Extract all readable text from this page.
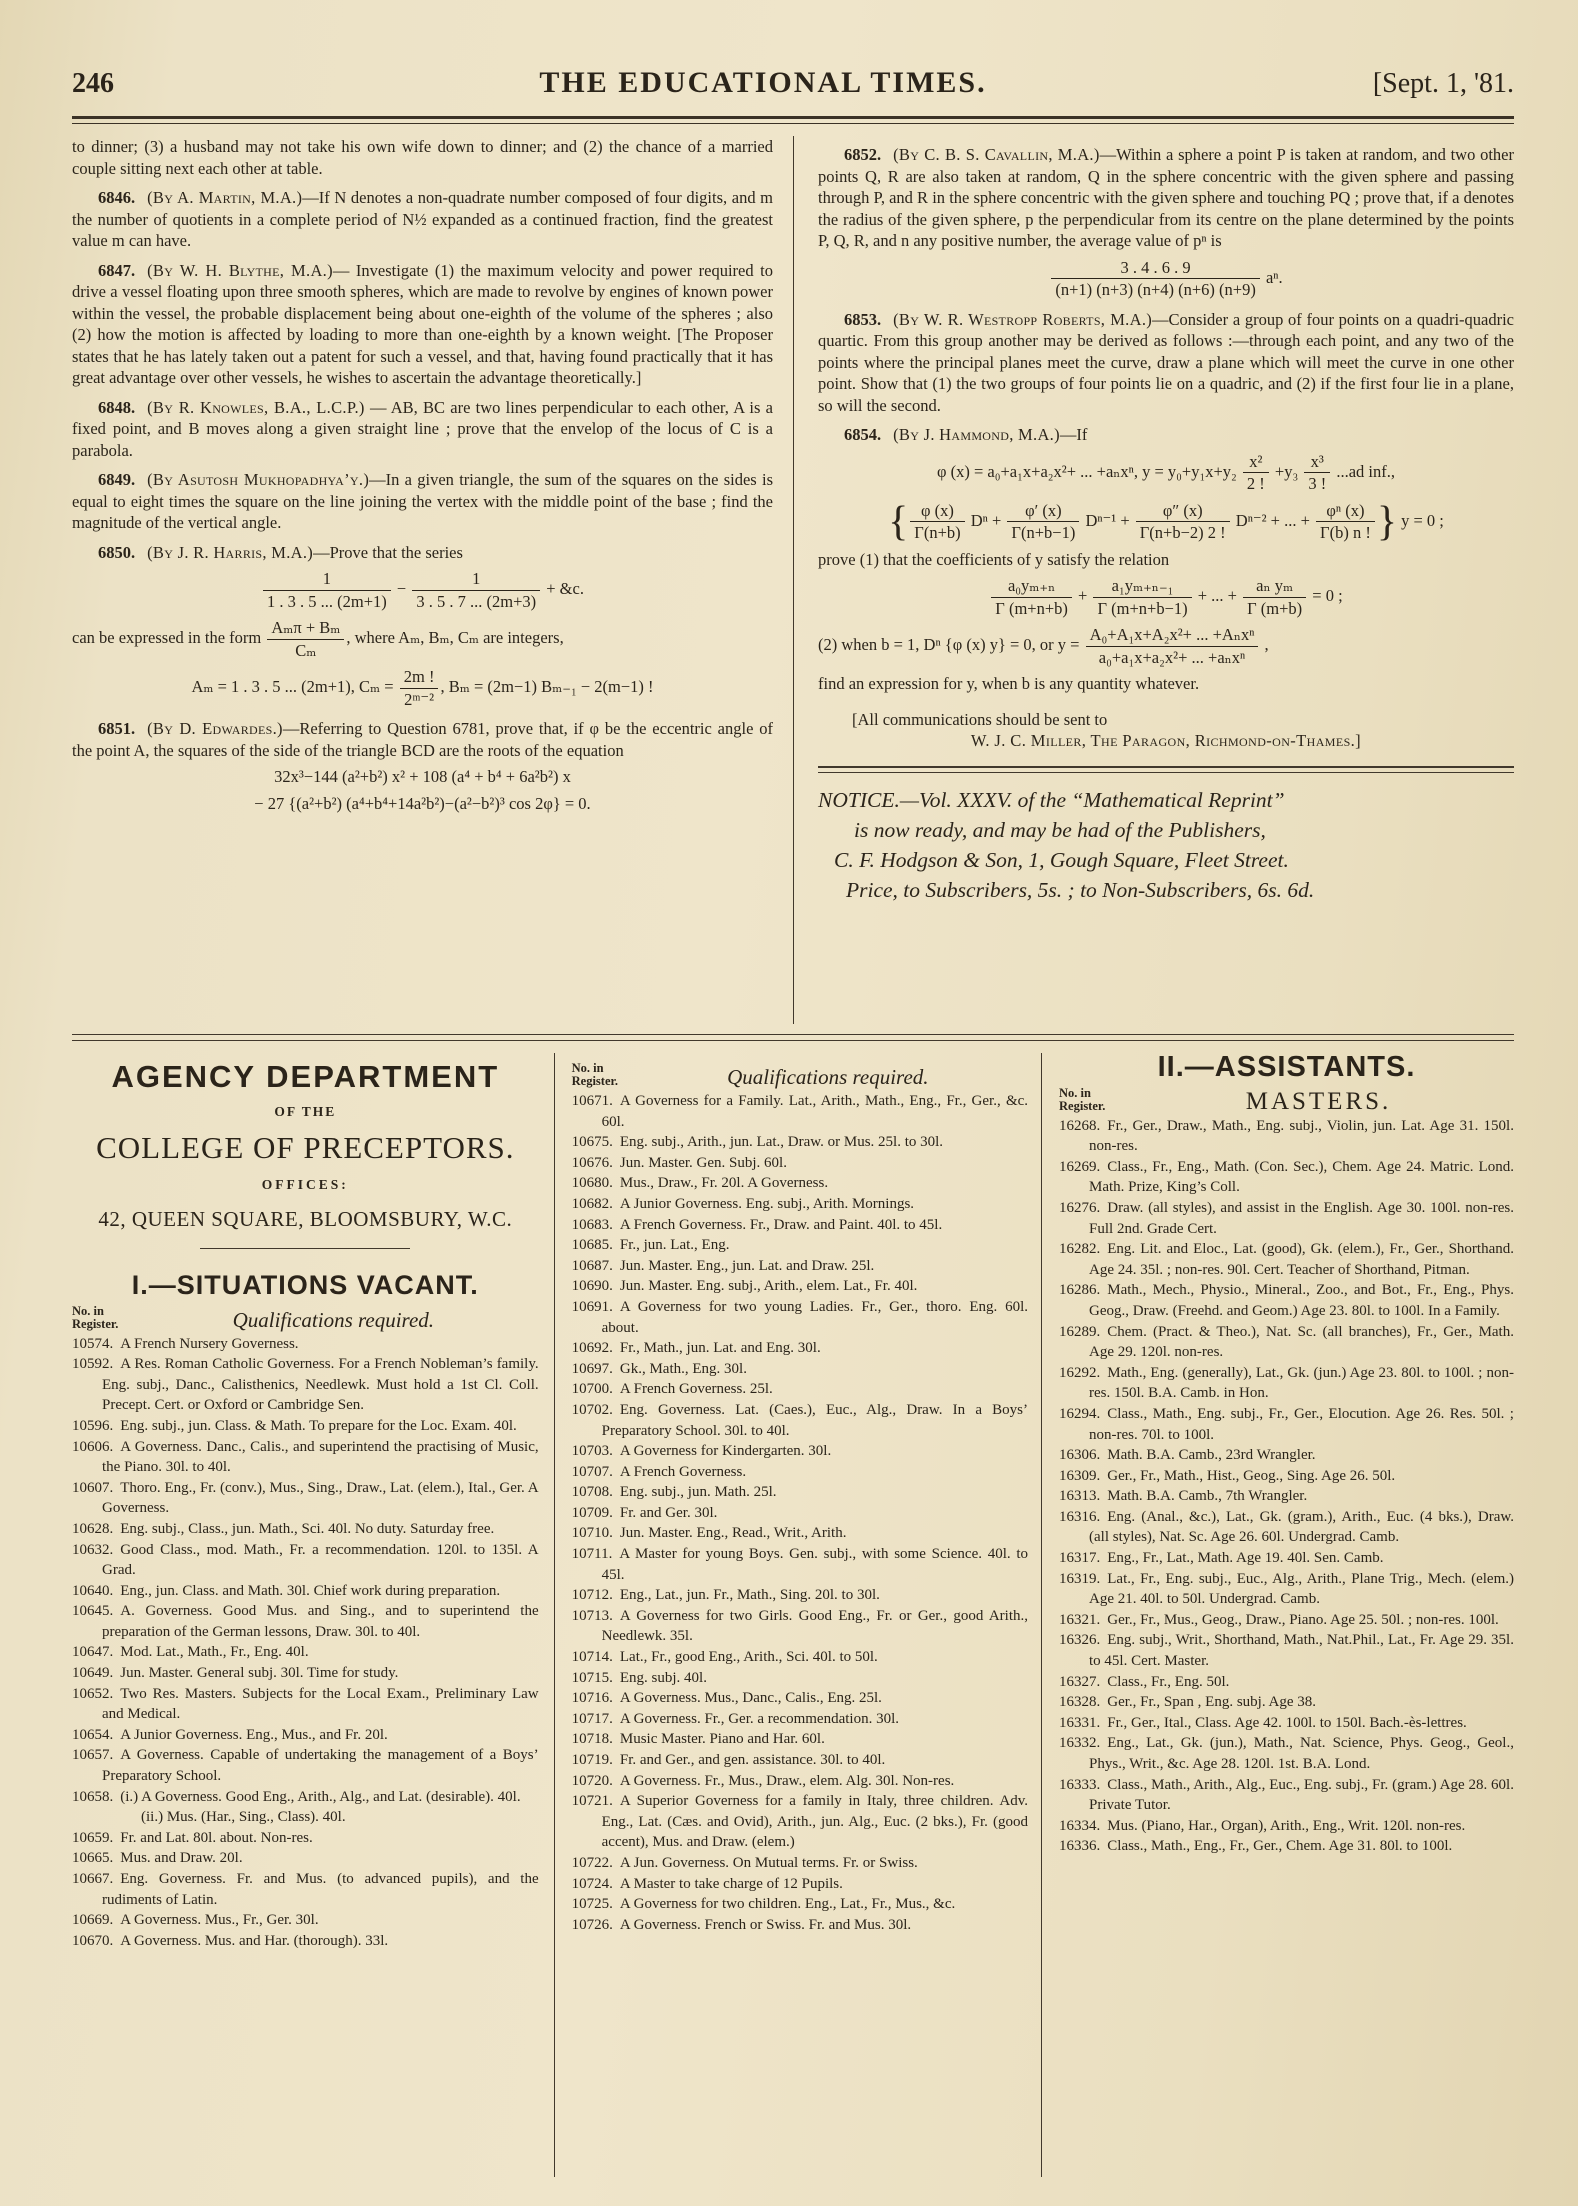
246	THE EDUCATIONAL TIMES.	[Sept. 1, '81.

to dinner; (3) a husband may not take his own wife down to dinner; and (2) the chance of a married couple sitting next each other at table.

6846. (By A. Martin, M.A.)—If N denotes a non-quadrate number composed of four digits, and m the number of quotients in a complete period of N½ expanded as a continued fraction, find the greatest value m can have.

6847. (By W. H. Blythe, M.A.)— Investigate (1) the maximum velocity and power required to drive a vessel floating upon three smooth spheres, which are made to revolve by engines of known power within the vessel, the probable displacement being about one-eighth of the volume of the spheres ; also (2) how the motion is affected by loading to more than one-eighth by a known weight. [The Proposer states that he has lately taken out a patent for such a vessel, and that, having found practically that it has great advantage over other vessels, he wishes to ascertain the advantage theoretically.]

6848. (By R. Knowles, B.A., L.C.P.) — AB, BC are two lines perpendicular to each other, A is a fixed point, and B moves along a given straight line ; prove that the envelop of the locus of C is a parabola.

6849. (By Asutosh Mukhopadhya’y.)—In a given triangle, the sum of the squares on the sides is equal to eight times the square on the line joining the vertex with the middle point of the base ; find the magnitude of the vertical angle.

6850. (By J. R. Harris, M.A.)—Prove that the series

$\frac{1}{1 . 3 . 5 ... (2m+1)} - \frac{1}{3 . 5 . 7 ... (2m+3)}$ + &c.
can be expressed in the form $\frac{\text{Aₘπ + Bₘ}}{\text{Cₘ}}$ , where Aₘ, Bₘ, Cₘ are integers,
Aₘ = 1 . 3 . 5 ... (2m+1), $C_m = \frac{2m !}{\text{2ᵐ⁻²}}$ , Bₘ = (2m−1) Bₘ₋₁ − 2(m−1) !

6851. (By D. Edwardes.)—Referring to Question 6781, prove that, if φ be the eccentric angle of the point A, the squares of the side of the triangle BCD are the roots of the equation

32x³−144 (a²+b²) x² + 108 (a⁴ + b⁴ + 6a²b²) x
− 27 {(a²+b²) (a⁴+b⁴+14a²b²)−(a²−b²)³ cos 2φ} = 0.

6852. (By C. B. S. Cavallin, M.A.)—Within a sphere a point P is taken at random, and two other points Q, R are also taken at random, Q in the sphere concentric with the given sphere and passing through P, and R in the sphere concentric with the given sphere and touching PQ ; prove that, if a denotes the radius of the given sphere, p the perpendicular from its centre on the plane determined by the points P, Q, R, and n any positive number, the average value of pⁿ is

$\frac{3 . 4 . 6 . 9}{(n+1) (n+3) (n+4) (n+6) (n+9)} a^n$.

6853. (By W. R. Westropp Roberts, M.A.)—Consider a group of four points on a quadri-quadric quartic. From this group another may be derived as follows :—through each point, and any two of the points where the principal planes meet the curve, draw a plane which will meet the curve in one other point. Show that (1) the two groups of four points lie on a quadric, and (2) if the first four lie in a plane, so will the second.

6854. (By J. Hammond, M.A.)—If

φ (x) = a₀+a₁x+a₂x²+ ... +aₙxⁿ, $y = y_0+y_1x+y_2 \frac{\text{x²}}{2 !} +y_3 \frac{\text{x³}}{3 !} ...ad$ inf.,
{ $\frac{\varphi (x)}{\Gamma(n+b)}$ $D^n + \frac{\varphi' (x)}{\Gamma(n+b-1)} D^{n-1} + \frac{\varphi'' (x)}{\Gamma(n+b-2) 2 !} D^{n-2}$ + ... + $\frac{\text{φⁿ (x)}}{\Gamma(b) n !}$ } y = 0 ;

prove (1) that the coefficients of y satisfy the relation

$\frac{\text{a₀yₘ₊ₙ}}{\Gamma (m+n+b)} + \frac{\text{a₁yₘ₊ₙ₋₁}}{\Gamma (m+n+b-1)}$ + ... + $\frac{\text{aₙ yₘ}}{\Gamma (m+b)} = 0$ ;
(2) when b = 1, Dⁿ {φ (x) y} = 0, or $y = \frac{\text{A₀+A₁x+A₂x²+ ... +Aₙxⁿ}}{\text{a₀+a₁x+a₂x²+ ... +aₙxⁿ}}$ ,

find an expression for y, when b is any quantity whatever.

[All communications should be sent to
W. J. C. Miller, The Paragon, Richmond-on-Thames.]
NOTICE.—Vol. XXXV. of the “Mathematical Reprint”
is now ready, and may be had of the Publishers,
C. F. Hodgson & Son, 1, Gough Square, Fleet Street.
Price, to Subscribers, 5s. ; to Non-Subscribers, 6s. 6d.
AGENCY DEPARTMENT
OF THE
COLLEGE OF PRECEPTORS.
OFFICES:
42, QUEEN SQUARE, BLOOMSBURY, W.C.
I.—SITUATIONS VACANT.
No. in
Register.	Qualifications required.

10574. A French Nursery Governess.

10592. A Res. Roman Catholic Governess. For a French Nobleman’s family. Eng. subj., Danc., Calisthenics, Needlewk. Must hold a 1st Cl. Coll. Precept. Cert. or Oxford or Cambridge Sen.

10596. Eng. subj., jun. Class. & Math. To prepare for the Loc. Exam. 40l.

10606. A Governess. Danc., Calis., and superintend the practising of Music, the Piano. 30l. to 40l.

10607. Thoro. Eng., Fr. (conv.), Mus., Sing., Draw., Lat. (elem.), Ital., Ger. A Governess.

10628. Eng. subj., Class., jun. Math., Sci. 40l. No duty. Saturday free.

10632. Good Class., mod. Math., Fr. a recommendation. 120l. to 135l. A Grad.

10640. Eng., jun. Class. and Math. 30l. Chief work during preparation.

10645. A. Governess. Good Mus. and Sing., and to superintend the preparation of the German lessons, Draw. 30l. to 40l.

10647. Mod. Lat., Math., Fr., Eng. 40l.

10649. Jun. Master. General subj. 30l. Time for study.

10652. Two Res. Masters. Subjects for the Local Exam., Preliminary Law and Medical.

10654. A Junior Governess. Eng., Mus., and Fr. 20l.

10657. A Governess. Capable of undertaking the management of a Boys’ Preparatory School.

10658. (i.) A Governess. Good Eng., Arith., Alg., and Lat. (desirable). 40l.

(ii.) Mus. (Har., Sing., Class). 40l.

10659. Fr. and Lat. 80l. about. Non-res.

10665. Mus. and Draw. 20l.

10667. Eng. Governess. Fr. and Mus. (to advanced pupils), and the rudiments of Latin.

10669. A Governess. Mus., Fr., Ger. 30l.

10670. A Governess. Mus. and Har. (thorough). 33l.

No. in
Register.	Qualifications required.

10671. A Governess for a Family. Lat., Arith., Math., Eng., Fr., Ger., &c. 60l.

10675. Eng. subj., Arith., jun. Lat., Draw. or Mus. 25l. to 30l.

10676. Jun. Master. Gen. Subj. 60l.

10680. Mus., Draw., Fr. 20l. A Governess.

10682. A Junior Governess. Eng. subj., Arith. Mornings.

10683. A French Governess. Fr., Draw. and Paint. 40l. to 45l.

10685. Fr., jun. Lat., Eng.

10687. Jun. Master. Eng., jun. Lat. and Draw. 25l.

10690. Jun. Master. Eng. subj., Arith., elem. Lat., Fr. 40l.

10691. A Governess for two young Ladies. Fr., Ger., thoro. Eng. 60l. about.

10692. Fr., Math., jun. Lat. and Eng. 30l.

10697. Gk., Math., Eng. 30l.

10700. A French Governess. 25l.

10702. Eng. Governess. Lat. (Caes.), Euc., Alg., Draw. In a Boys’ Preparatory School. 30l. to 40l.

10703. A Governess for Kindergarten. 30l.

10707. A French Governess.

10708. Eng. subj., jun. Math. 25l.

10709. Fr. and Ger. 30l.

10710. Jun. Master. Eng., Read., Writ., Arith.

10711. A Master for young Boys. Gen. subj., with some Science. 40l. to 45l.

10712. Eng., Lat., jun. Fr., Math., Sing. 20l. to 30l.

10713. A Governess for two Girls. Good Eng., Fr. or Ger., good Arith., Needlewk. 35l.

10714. Lat., Fr., good Eng., Arith., Sci. 40l. to 50l.

10715. Eng. subj. 40l.

10716. A Governess. Mus., Danc., Calis., Eng. 25l.

10717. A Governess. Fr., Ger. a recommendation. 30l.

10718. Music Master. Piano and Har. 60l.

10719. Fr. and Ger., and gen. assistance. 30l. to 40l.

10720. A Governess. Fr., Mus., Draw., elem. Alg. 30l. Non-res.

10721. A Superior Governess for a family in Italy, three children. Adv. Eng., Lat. (Cæs. and Ovid), Arith., jun. Alg., Euc. (2 bks.), Fr. (good accent), Mus. and Draw. (elem.)

10722. A Jun. Governess. On Mutual terms. Fr. or Swiss.

10724. A Master to take charge of 12 Pupils.

10725. A Governess for two children. Eng., Lat., Fr., Mus., &c.

10726. A Governess. French or Swiss. Fr. and Mus. 30l.

II.—ASSISTANTS.
No. in
Register.	MASTERS.

16268. Fr., Ger., Draw., Math., Eng. subj., Violin, jun. Lat. Age 31. 150l. non-res.

16269. Class., Fr., Eng., Math. (Con. Sec.), Chem. Age 24. Matric. Lond. Math. Prize, King’s Coll.

16276. Draw. (all styles), and assist in the English. Age 30. 100l. non-res. Full 2nd. Grade Cert.

16282. Eng. Lit. and Eloc., Lat. (good), Gk. (elem.), Fr., Ger., Shorthand. Age 24. 35l. ; non-res. 90l. Cert. Teacher of Shorthand, Pitman.

16286. Math., Mech., Physio., Mineral., Zoo., and Bot., Fr., Eng., Phys. Geog., Draw. (Freehd. and Geom.) Age 23. 80l. to 100l. In a Family.

16289. Chem. (Pract. & Theo.), Nat. Sc. (all branches), Fr., Ger., Math. Age 29. 120l. non-res.

16292. Math., Eng. (generally), Lat., Gk. (jun.) Age 23. 80l. to 100l. ; non-res. 150l. B.A. Camb. in Hon.

16294. Class., Math., Eng. subj., Fr., Ger., Elocution. Age 26. Res. 50l. ; non-res. 70l. to 100l.

16306. Math. B.A. Camb., 23rd Wrangler.

16309. Ger., Fr., Math., Hist., Geog., Sing. Age 26. 50l.

16313. Math. B.A. Camb., 7th Wrangler.

16316. Eng. (Anal., &c.), Lat., Gk. (gram.), Arith., Euc. (4 bks.), Draw. (all styles), Nat. Sc. Age 26. 60l. Undergrad. Camb.

16317. Eng., Fr., Lat., Math. Age 19. 40l. Sen. Camb.

16319. Lat., Fr., Eng. subj., Euc., Alg., Arith., Plane Trig., Mech. (elem.) Age 21. 40l. to 50l. Undergrad. Camb.

16321. Ger., Fr., Mus., Geog., Draw., Piano. Age 25. 50l. ; non-res. 100l.

16326. Eng. subj., Writ., Shorthand, Math., Nat.Phil., Lat., Fr. Age 29. 35l. to 45l. Cert. Master.

16327. Class., Fr., Eng. 50l.

16328. Ger., Fr., Span , Eng. subj. Age 38.

16331. Fr., Ger., Ital., Class. Age 42. 100l. to 150l. Bach.-ès-lettres.

16332. Eng., Lat., Gk. (jun.), Math., Nat. Science, Phys. Geog., Geol., Phys., Writ., &c. Age 28. 120l. 1st. B.A. Lond.

16333. Class., Math., Arith., Alg., Euc., Eng. subj., Fr. (gram.) Age 28. 60l. Private Tutor.

16334. Mus. (Piano, Har., Organ), Arith., Eng., Writ. 120l. non-res.

16336. Class., Math., Eng., Fr., Ger., Chem. Age 31. 80l. to 100l.
